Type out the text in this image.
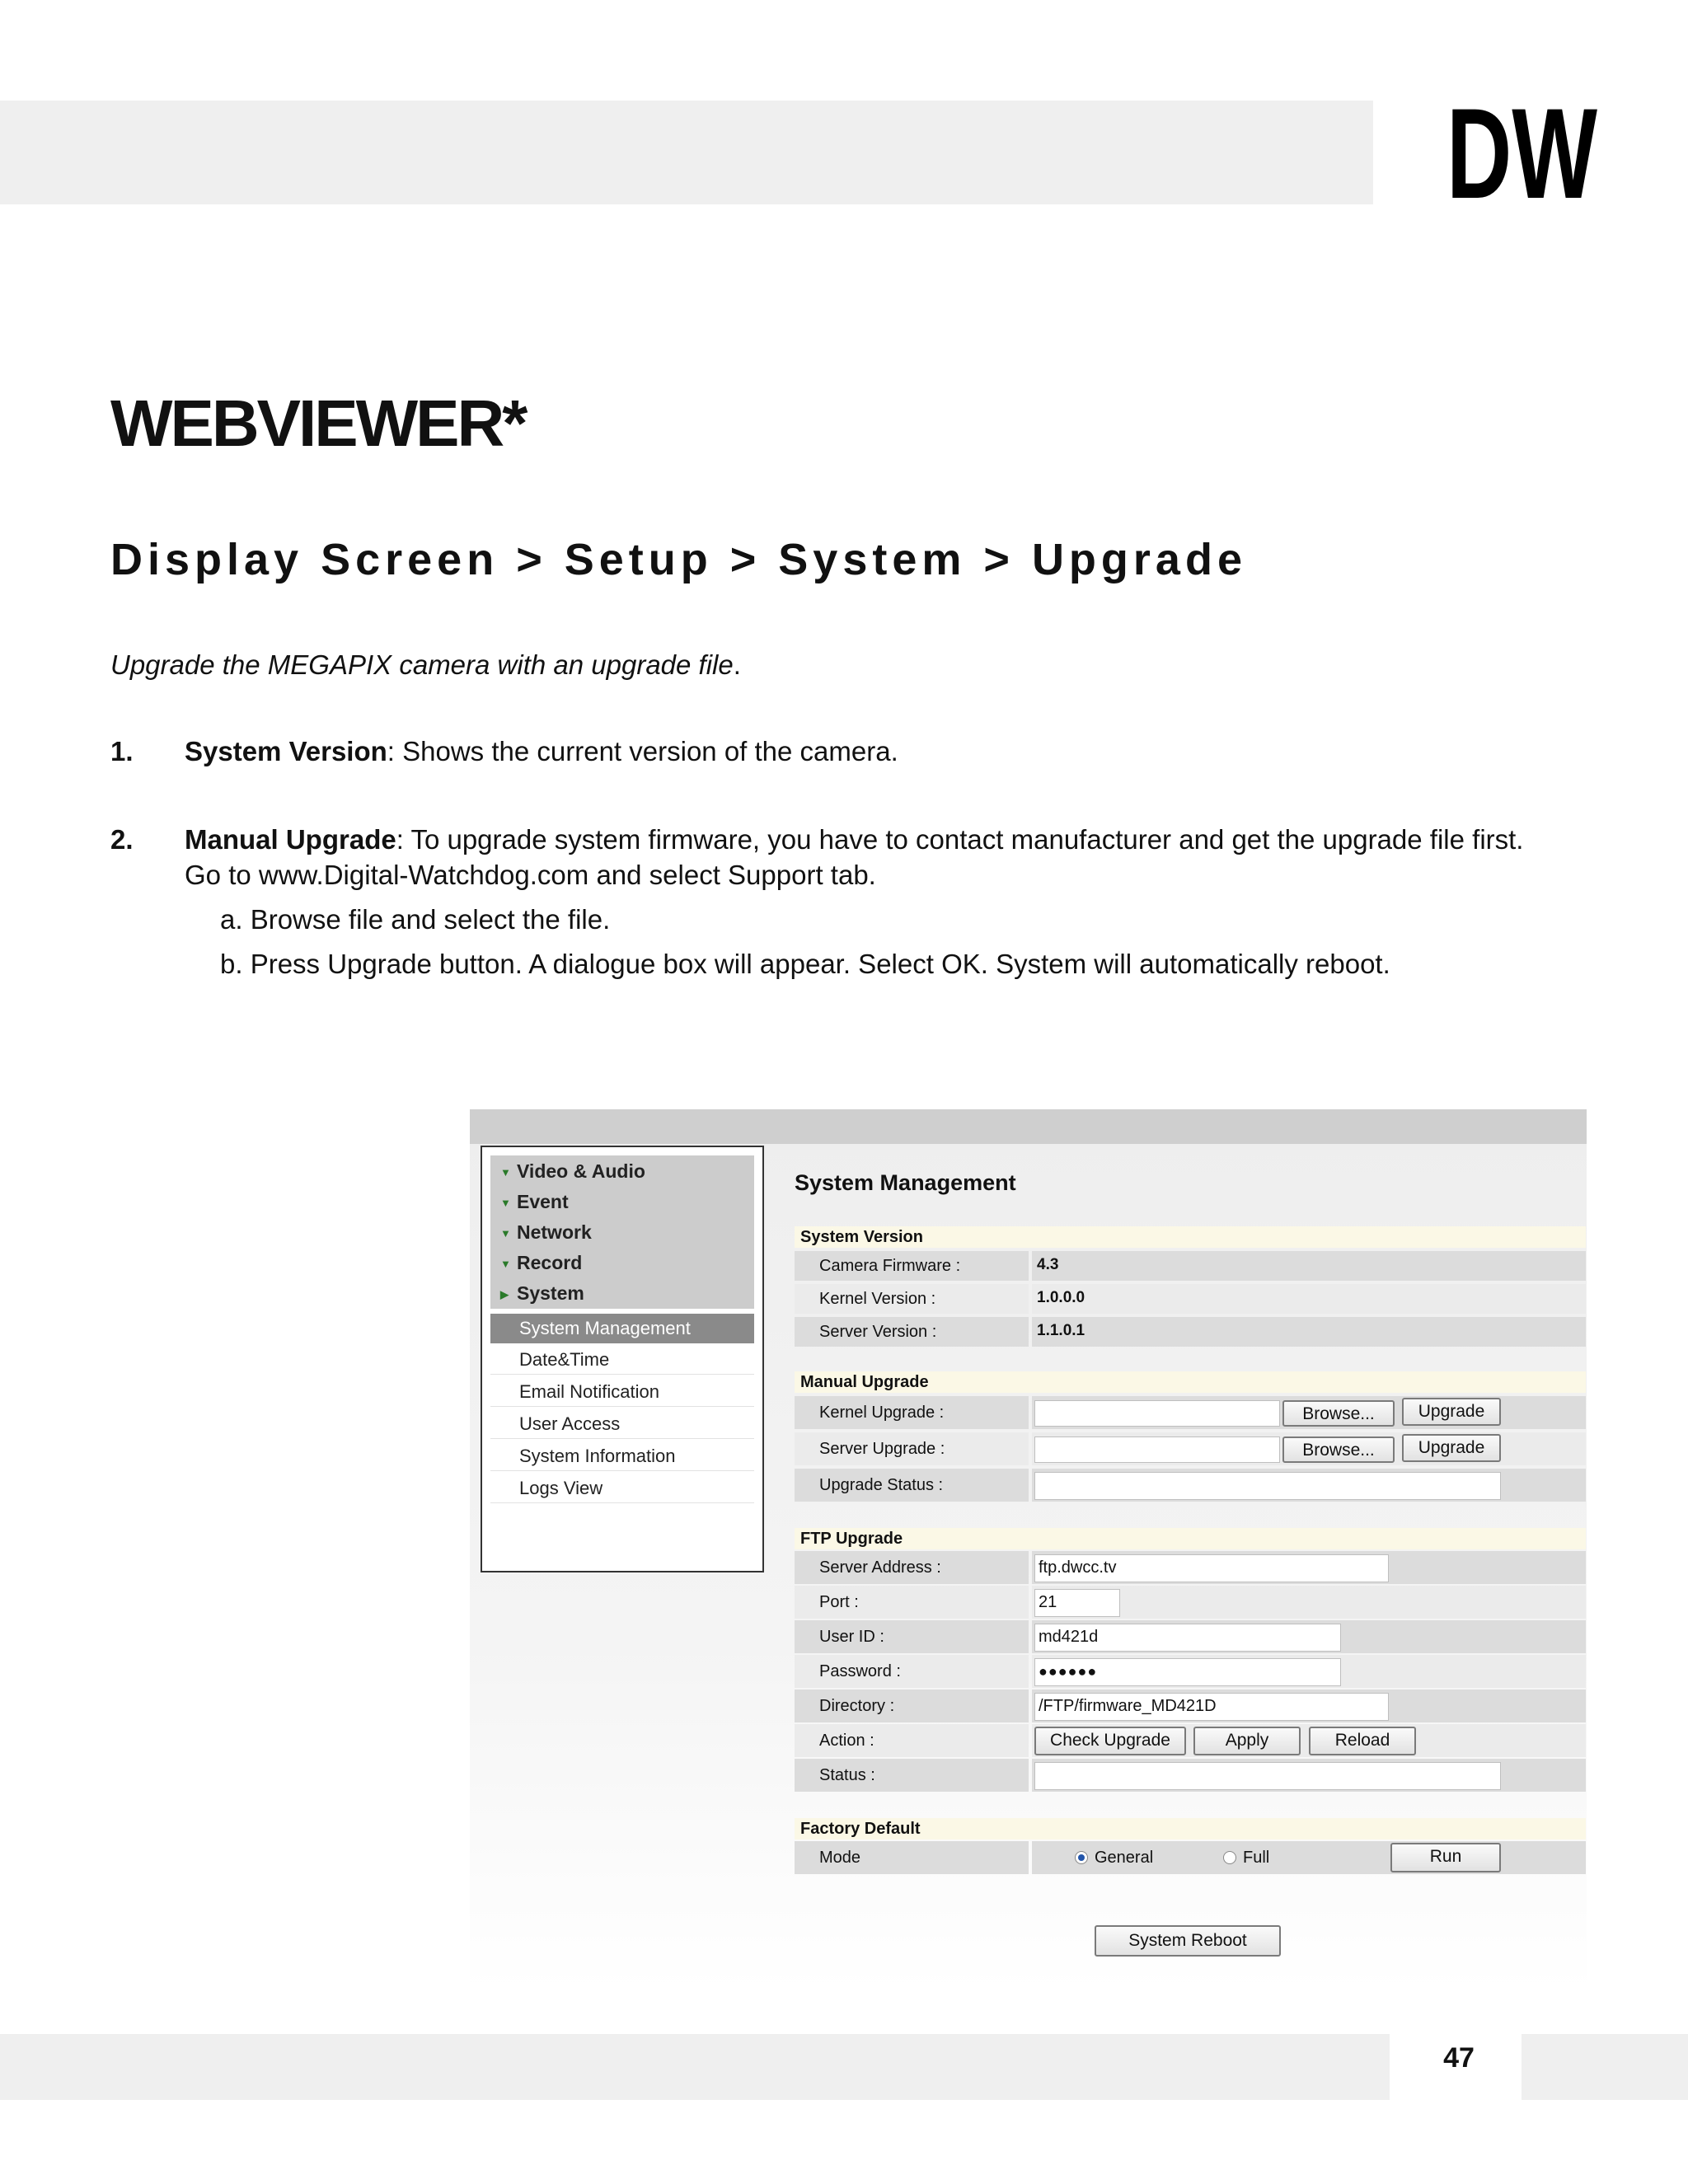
DW
WEBVIEWER*
Display Screen > Setup > System > Upgrade

Upgrade the MEGAPIX camera with an upgrade file.

1. System Version: Shows the current version of the camera.
2. Manual Upgrade: To upgrade system firmware, you have to contact manufacturer and get the upgrade file first.
Go to www.Digital-Watchdog.com and select Support tab.
a. Browse file and select the file.
b. Press Upgrade button. A dialogue box will appear. Select OK. System will automatically reboot.
▼ Video & Audio
▼ Event
▼ Network
▼ Record
▶ System
System Management
Date&Time
Email Notification
User Access
System Information
Logs View
System Management
System Version
Camera Firmware :	4.3
Kernel Version :	1.0.0.0
Server Version :	1.1.0.1
Manual Upgrade
Kernel Upgrade :	Browse...	Upgrade
Server Upgrade :	Browse...	Upgrade
Upgrade Status :
FTP Upgrade
Server Address :	ftp.dwcc.tv
Port :	21
User ID :	md421d
Password :	●●●●●●
Directory :	/FTP/firmware_MD421D
Action :	Check Upgrade	Apply	Reload
Status :
Factory Default
Mode	General	Full	Run
System Reboot
47
